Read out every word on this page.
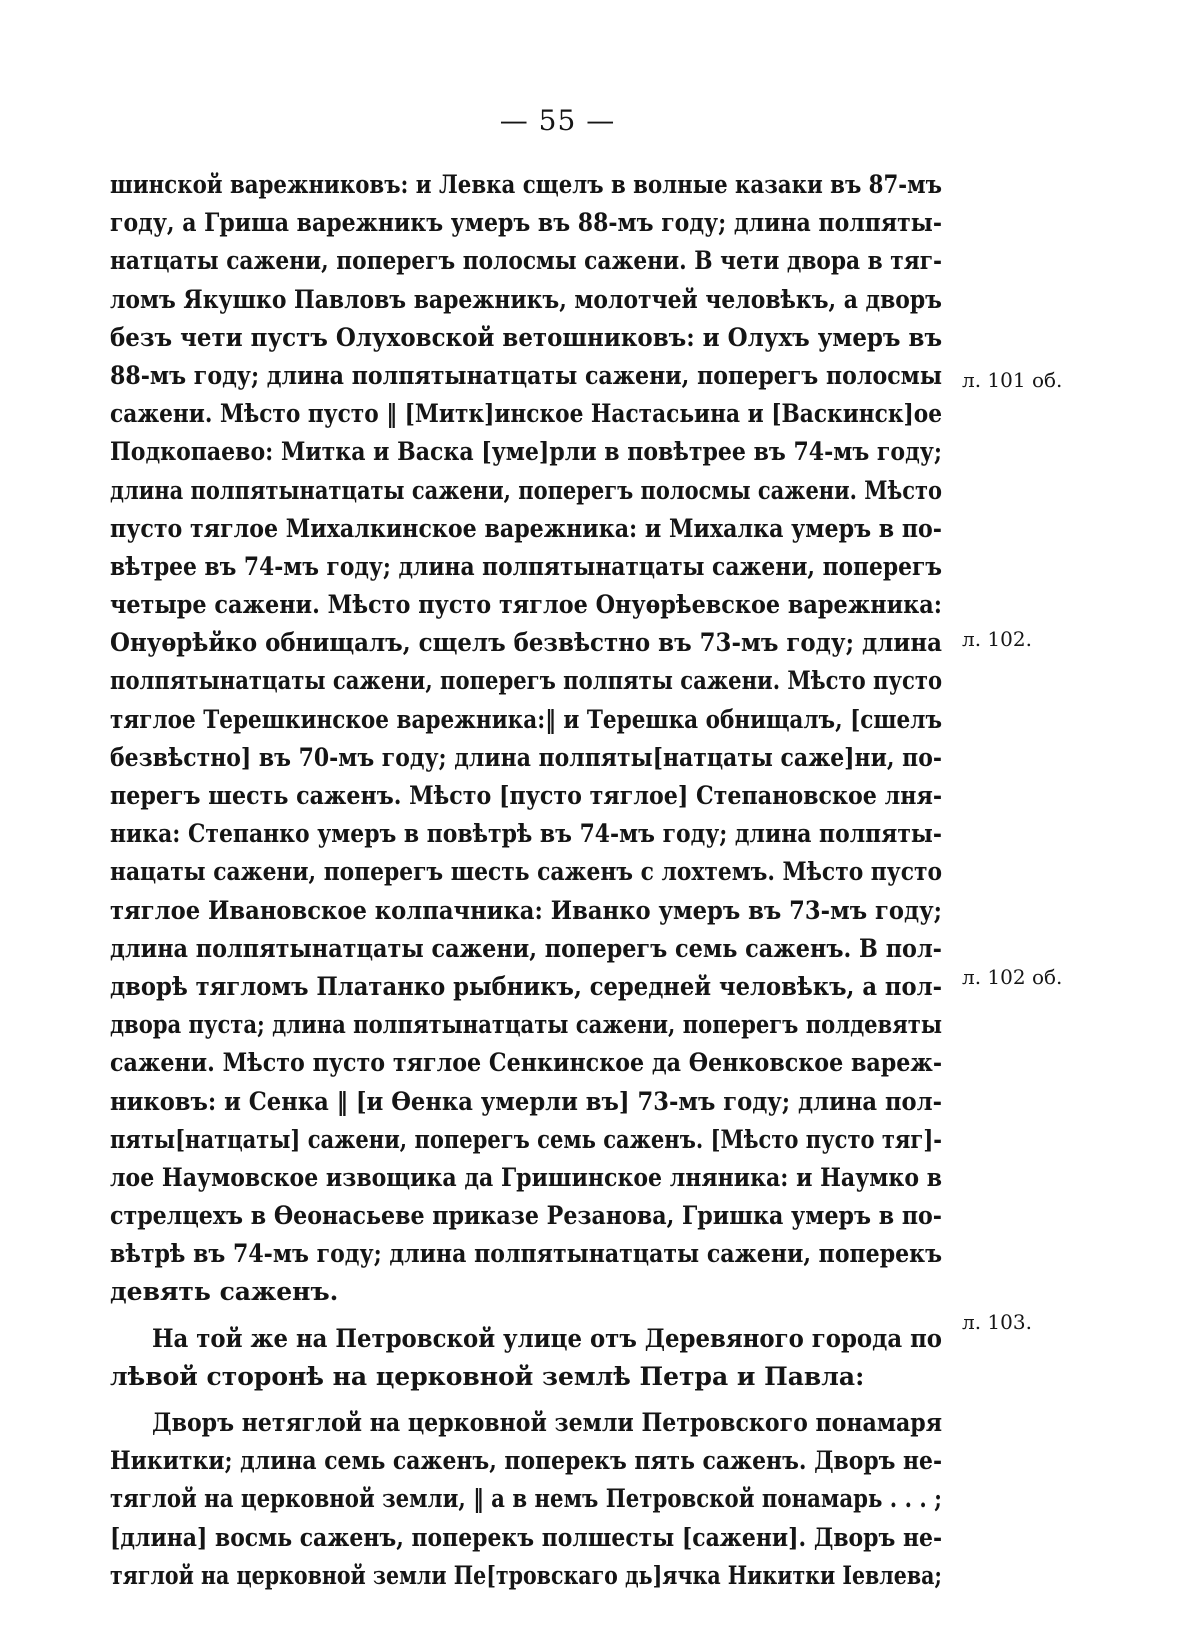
— 55 —
шинской варежниковъ: и Левка сщелъ в волные казаки въ 87-мъ
году, а Гриша варежникъ умеръ въ 88-мъ году; длина полпяты-
натцаты сажени, поперегъ полосмы сажени. В чети двора в тяг-
ломъ Якушко Павловъ варежникъ, молотчей человѣкъ, а дворъ
безъ чети пустъ Олуховской ветошниковъ: и Олухъ умеръ въ
88-мъ году; длина полпятынатцаты сажени, поперегъ полосмы
сажени. Мѣсто пусто ‖ [Митк]инское Настасьина и [Васкинск]ое
Подкопаево: Митка и Васка [уме]рли в повѣтрее въ 74-мъ году;
длина полпятынатцаты сажени, поперегъ полосмы сажени. Мѣсто
пусто тяглое Михалкинское варежника: и Михалка умеръ в по-
вѣтрее въ 74-мъ году; длина полпятынатцаты сажени, поперегъ
четыре сажени. Мѣсто пусто тяглое Онуѳрѣевское варежника:
Онуѳрѣйко обнищалъ, сщелъ безвѣстно въ 73-мъ году; длина
полпятынатцаты сажени, поперегъ полпяты сажени. Мѣсто пусто
тяглое Терешкинское варежника:‖ и Терешка обнищалъ, [сшелъ
безвѣстно] въ 70-мъ году; длина полпяты[натцаты саже]ни, по-
перегъ шесть саженъ. Мѣсто [пусто тяглое] Степановское лня-
ника: Степанко умеръ в повѣтрѣ въ 74-мъ году; длина полпяты-
нацаты сажени, поперегъ шесть саженъ с лохтемъ. Мѣсто пусто
тяглое Ивановское колпачника: Иванко умеръ въ 73-мъ году;
длина полпятынатцаты сажени, поперегъ семь саженъ. В пол-
дворѣ тягломъ Платанко рыбникъ, середней человѣкъ, а пол-
двора пуста; длина полпятынатцаты сажени, поперегъ полдевяты
сажени. Мѣсто пусто тяглое Сенкинское да Ѳенковское вареж-
никовъ: и Сенка ‖ [и Ѳенка умерли въ] 73-мъ году; длина пол-
пяты[натцаты] сажени, поперегъ семь саженъ. [Мѣсто пусто тяг]-
лое Наумовское извощика да Гришинское лняника: и Наумко в
стрелцехъ в Ѳеонасьеве приказе Резанова, Гришка умеръ в по-
вѣтрѣ въ 74-мъ году; длина полпятынатцаты сажени, поперекъ
девять саженъ.
На той же на Петровской улице отъ Деревяного города по
лѣвой сторонѣ на церковной землѣ Петра и Павла:
Дворъ нетяглой на церковной земли Петровского понамаря
Никитки; длина семь саженъ, поперекъ пять саженъ. Дворъ не-
тяглой на церковной земли, ‖ а в немъ Петровской понамарь . . . ;
[длина] восмь саженъ, поперекъ полшесты [сажени]. Дворъ не-
тяглой на церковной земли Пе[тровскаго дь]ячка Никитки Іевлева;
л. 101 об.
л. 102.
л. 102 об.
л. 103.
